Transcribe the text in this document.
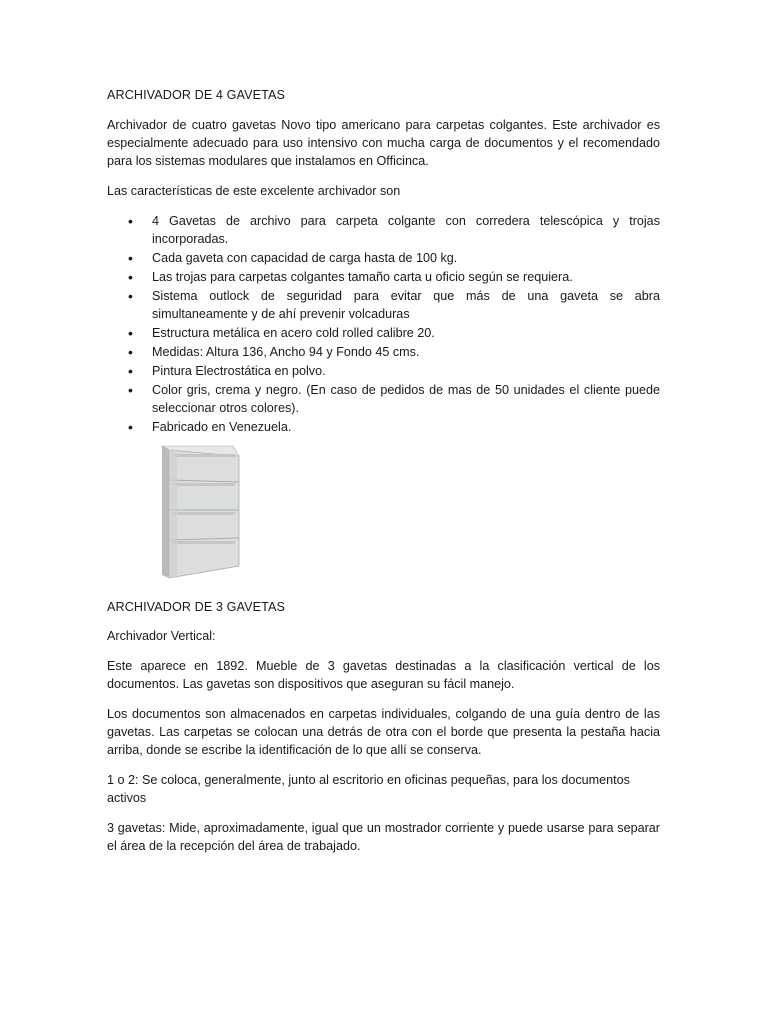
ARCHIVADOR DE 4 GAVETAS

Archivador de cuatro gavetas Novo tipo americano para carpetas colgantes. Este archivador es especialmente adecuado para uso intensivo con mucha carga de documentos y el recomendado para los sistemas modulares que instalamos en Officinca.

Las características de este excelente archivador son

• 4 Gavetas de archivo para carpeta colgante con corredera telescópica y trojas incorporadas.
• Cada gaveta con capacidad de carga hasta de 100 kg.
• Las trojas para carpetas colgantes tamaño carta u oficio según se requiera.
• Sistema outlock de seguridad para evitar que más de una gaveta se abra simultaneamente y de ahí prevenir volcaduras
• Estructura metálica en acero cold rolled calibre 20.
• Medidas: Altura 136, Ancho 94 y Fondo 45 cms.
• Pintura Electrostática en polvo.
• Color gris, crema y negro. (En caso de pedidos de mas de 50 unidades el cliente puede seleccionar otros colores).
• Fabricado en Venezuela.
ARCHIVADOR DE 3 GAVETAS

Archivador Vertical:

Este aparece en 1892. Mueble de 3 gavetas destinadas a la clasificación vertical de los documentos. Las gavetas son dispositivos que aseguran su fácil manejo.

Los documentos son almacenados en carpetas individuales, colgando de una guía dentro de las gavetas. Las carpetas se colocan una detrás de otra con el borde que presenta la pestaña hacia arriba, donde se escribe la identificación de lo que allí se conserva.

1 o 2: Se coloca, generalmente, junto al escritorio en oficinas pequeñas, para los documentos activos

3 gavetas: Mide, aproximadamente, igual que un mostrador corriente y puede usarse para separar el área de la recepción del área de trabajado.
